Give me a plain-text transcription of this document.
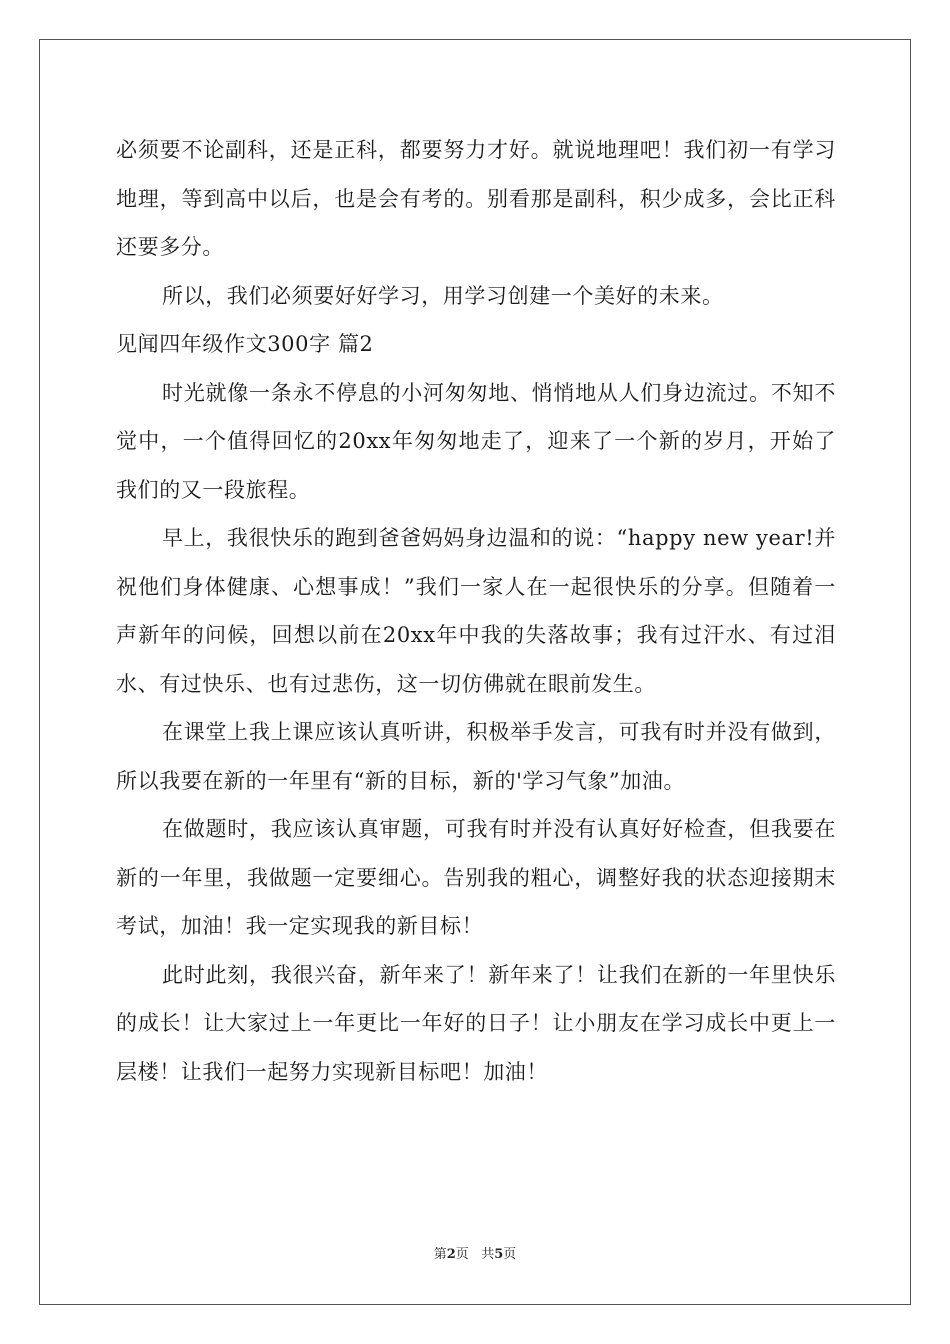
必须要不论副科，还是正科，都要努力才好。就说地理吧！我们初一有学习地理，等到高中以后，也是会有考的。别看那是副科，积少成多，会比正科还要多分。

所以，我们必须要好好学习，用学习创建一个美好的未来。

见闻四年级作文300字 篇2

时光就像一条永不停息的小河匆匆地、悄悄地从人们身边流过。不知不觉中，一个值得回忆的20xx年匆匆地走了，迎来了一个新的岁月，开始了我们的又一段旅程。

早上，我很快乐的跑到爸爸妈妈身边温和的说：“happy new year!并祝他们身体健康、心想事成！”我们一家人在一起很快乐的分享。但随着一声新年的问候，回想以前在20xx年中我的失落故事；我有过汗水、有过泪水、有过快乐、也有过悲伤，这一切仿佛就在眼前发生。

在课堂上我上课应该认真听讲，积极举手发言，可我有时并没有做到，所以我要在新的一年里有“新的目标，新的'学习气象”加油。

在做题时，我应该认真审题，可我有时并没有认真好好检查，但我要在新的一年里，我做题一定要细心。告别我的粗心，调整好我的状态迎接期末考试，加油！我一定实现我的新目标！

此时此刻，我很兴奋，新年来了！新年来了！让我们在新的一年里快乐的成长！让大家过上一年更比一年好的日子！让小朋友在学习成长中更上一层楼！让我们一起努力实现新目标吧！加油！

第2页   共5页
